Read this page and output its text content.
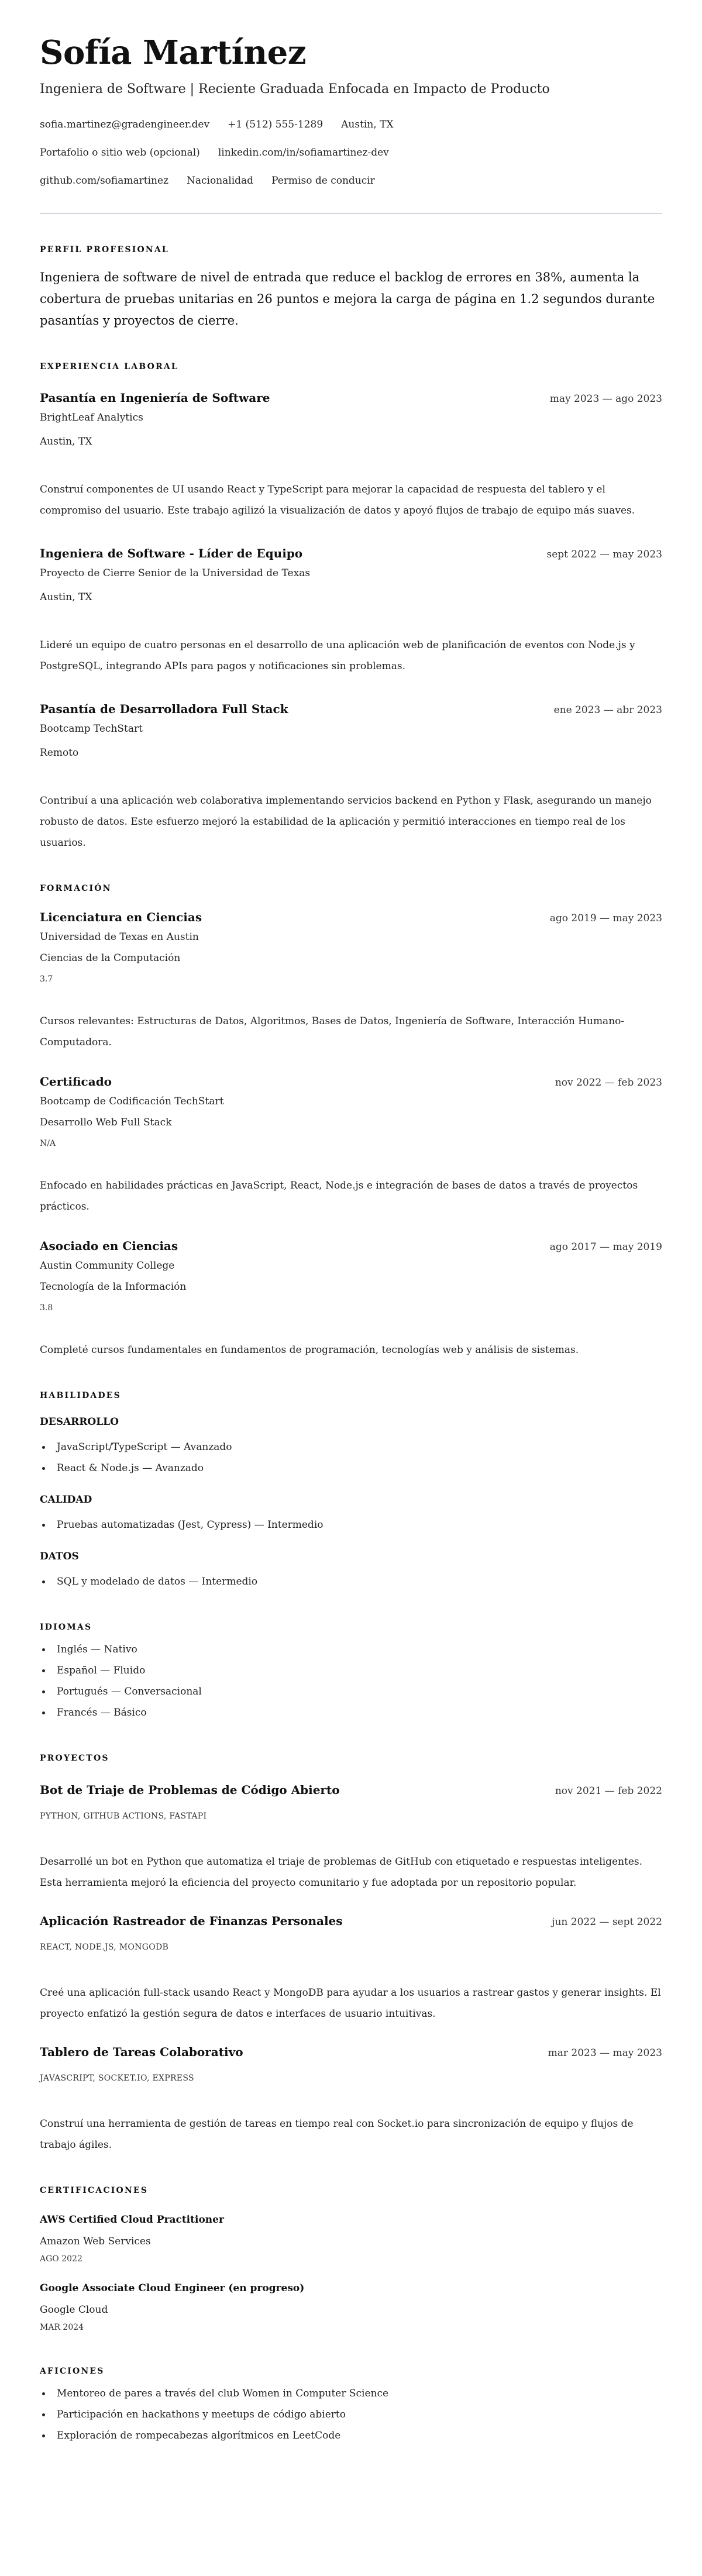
Sofía Martínez
Ingeniera de Software | Reciente Graduada Enfocada en Impacto de Producto
sofia.martinez@gradengineer.dev +1 (512) 555-1289 Austin, TX
Portafolio o sitio web (opcional) linkedin.com/in/sofiamartinez-dev
github.com/sofiamartinez Nacionalidad Permiso de conducir
PERFIL PROFESIONAL

Ingeniera de software de nivel de entrada que reduce el backlog de errores en 38%, aumenta la cobertura de pruebas unitarias en 26 puntos e mejora la carga de página en 1.2 segundos durante pasantías y proyectos de cierre.

EXPERIENCIA LABORAL
Pasantía en Ingeniería de Software	may 2023 — ago 2023
BrightLeaf Analytics
Austin, TX
Construí componentes de UI usando React y TypeScript para mejorar la capacidad de respuesta del tablero y el compromiso del usuario. Este trabajo agilizó la visualización de datos y apoyó flujos de trabajo de equipo más suaves.
Ingeniera de Software - Líder de Equipo	sept 2022 — may 2023
Proyecto de Cierre Senior de la Universidad de Texas
Austin, TX
Lideré un equipo de cuatro personas en el desarrollo de una aplicación web de planificación de eventos con Node.js y PostgreSQL, integrando APIs para pagos y notificaciones sin problemas.
Pasantía de Desarrolladora Full Stack	ene 2023 — abr 2023
Bootcamp TechStart
Remoto
Contribuí a una aplicación web colaborativa implementando servicios backend en Python y Flask, asegurando un manejo robusto de datos. Este esfuerzo mejoró la estabilidad de la aplicación y permitió interacciones en tiempo real de los usuarios.
FORMACIÓN
Licenciatura en Ciencias	ago 2019 — may 2023
Universidad de Texas en Austin
Ciencias de la Computación
3.7
Cursos relevantes: Estructuras de Datos, Algoritmos, Bases de Datos, Ingeniería de Software, Interacción Humano-Computadora.
Certificado	nov 2022 — feb 2023
Bootcamp de Codificación TechStart
Desarrollo Web Full Stack
N/A
Enfocado en habilidades prácticas en JavaScript, React, Node.js e integración de bases de datos a través de proyectos prácticos.
Asociado en Ciencias	ago 2017 — may 2019
Austin Community College
Tecnología de la Información
3.8
Completé cursos fundamentales en fundamentos de programación, tecnologías web y análisis de sistemas.
HABILIDADES
DESARROLLO
JavaScript/TypeScript — Avanzado
React & Node.js — Avanzado
CALIDAD
Pruebas automatizadas (Jest, Cypress) — Intermedio
DATOS
SQL y modelado de datos — Intermedio
IDIOMAS
Inglés — Nativo
Español — Fluido
Portugués — Conversacional
Francés — Básico
PROYECTOS
Bot de Triaje de Problemas de Código Abierto	nov 2021 — feb 2022
PYTHON, GITHUB ACTIONS, FASTAPI
Desarrollé un bot en Python que automatiza el triaje de problemas de GitHub con etiquetado e respuestas inteligentes. Esta herramienta mejoró la eficiencia del proyecto comunitario y fue adoptada por un repositorio popular.
Aplicación Rastreador de Finanzas Personales	jun 2022 — sept 2022
REACT, NODE.JS, MONGODB
Creé una aplicación full-stack usando React y MongoDB para ayudar a los usuarios a rastrear gastos y generar insights. El proyecto enfatizó la gestión segura de datos e interfaces de usuario intuitivas.
Tablero de Tareas Colaborativo	mar 2023 — may 2023
JAVASCRIPT, SOCKET.IO, EXPRESS
Construí una herramienta de gestión de tareas en tiempo real con Socket.io para sincronización de equipo y flujos de trabajo ágiles.
CERTIFICACIONES
AWS Certified Cloud Practitioner
Amazon Web Services
AGO 2022
Google Associate Cloud Engineer (en progreso)
Google Cloud
MAR 2024
AFICIONES
Mentoreo de pares a través del club Women in Computer Science
Participación en hackathons y meetups de código abierto
Exploración de rompecabezas algorítmicos en LeetCode
